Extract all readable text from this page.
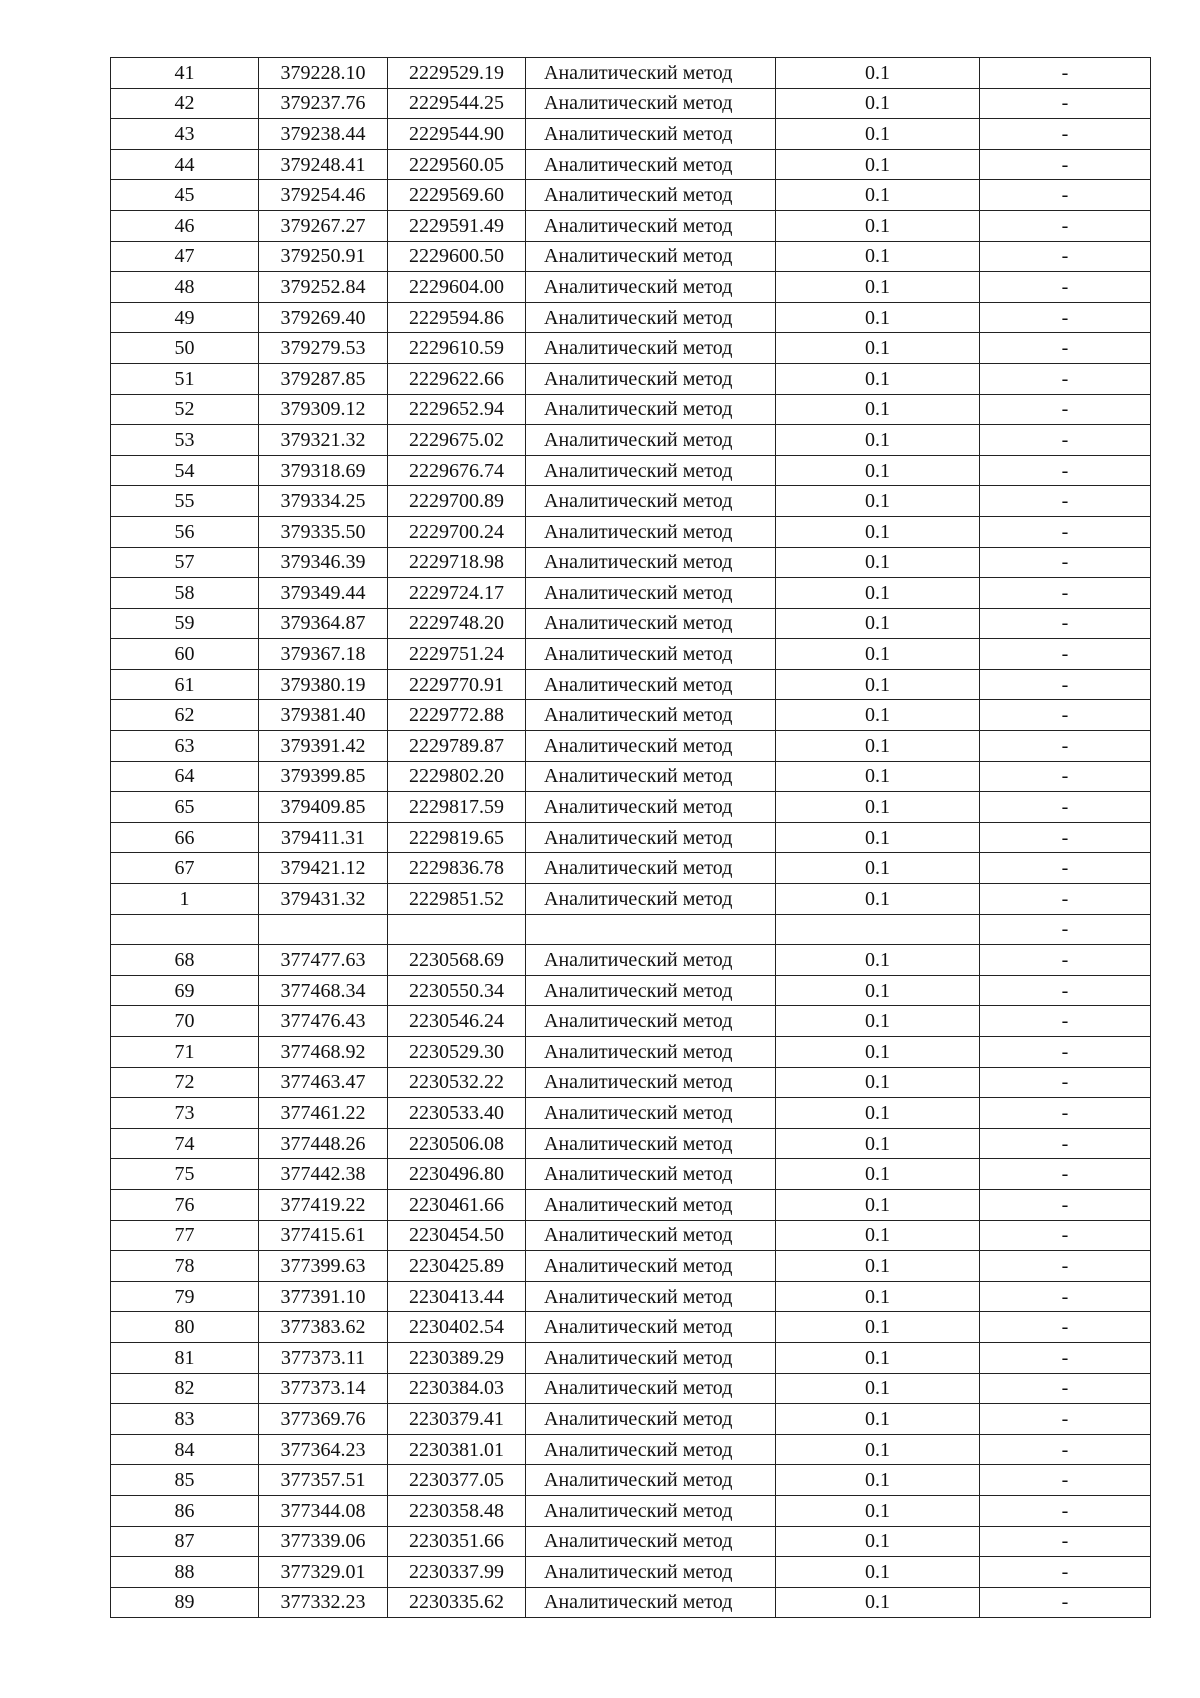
41	379228.10	2229529.19	Аналитический метод	0.1	-
42	379237.76	2229544.25	Аналитический метод	0.1	-
43	379238.44	2229544.90	Аналитический метод	0.1	-
44	379248.41	2229560.05	Аналитический метод	0.1	-
45	379254.46	2229569.60	Аналитический метод	0.1	-
46	379267.27	2229591.49	Аналитический метод	0.1	-
47	379250.91	2229600.50	Аналитический метод	0.1	-
48	379252.84	2229604.00	Аналитический метод	0.1	-
49	379269.40	2229594.86	Аналитический метод	0.1	-
50	379279.53	2229610.59	Аналитический метод	0.1	-
51	379287.85	2229622.66	Аналитический метод	0.1	-
52	379309.12	2229652.94	Аналитический метод	0.1	-
53	379321.32	2229675.02	Аналитический метод	0.1	-
54	379318.69	2229676.74	Аналитический метод	0.1	-
55	379334.25	2229700.89	Аналитический метод	0.1	-
56	379335.50	2229700.24	Аналитический метод	0.1	-
57	379346.39	2229718.98	Аналитический метод	0.1	-
58	379349.44	2229724.17	Аналитический метод	0.1	-
59	379364.87	2229748.20	Аналитический метод	0.1	-
60	379367.18	2229751.24	Аналитический метод	0.1	-
61	379380.19	2229770.91	Аналитический метод	0.1	-
62	379381.40	2229772.88	Аналитический метод	0.1	-
63	379391.42	2229789.87	Аналитический метод	0.1	-
64	379399.85	2229802.20	Аналитический метод	0.1	-
65	379409.85	2229817.59	Аналитический метод	0.1	-
66	379411.31	2229819.65	Аналитический метод	0.1	-
67	379421.12	2229836.78	Аналитический метод	0.1	-
1	379431.32	2229851.52	Аналитический метод	0.1	-
					-
68	377477.63	2230568.69	Аналитический метод	0.1	-
69	377468.34	2230550.34	Аналитический метод	0.1	-
70	377476.43	2230546.24	Аналитический метод	0.1	-
71	377468.92	2230529.30	Аналитический метод	0.1	-
72	377463.47	2230532.22	Аналитический метод	0.1	-
73	377461.22	2230533.40	Аналитический метод	0.1	-
74	377448.26	2230506.08	Аналитический метод	0.1	-
75	377442.38	2230496.80	Аналитический метод	0.1	-
76	377419.22	2230461.66	Аналитический метод	0.1	-
77	377415.61	2230454.50	Аналитический метод	0.1	-
78	377399.63	2230425.89	Аналитический метод	0.1	-
79	377391.10	2230413.44	Аналитический метод	0.1	-
80	377383.62	2230402.54	Аналитический метод	0.1	-
81	377373.11	2230389.29	Аналитический метод	0.1	-
82	377373.14	2230384.03	Аналитический метод	0.1	-
83	377369.76	2230379.41	Аналитический метод	0.1	-
84	377364.23	2230381.01	Аналитический метод	0.1	-
85	377357.51	2230377.05	Аналитический метод	0.1	-
86	377344.08	2230358.48	Аналитический метод	0.1	-
87	377339.06	2230351.66	Аналитический метод	0.1	-
88	377329.01	2230337.99	Аналитический метод	0.1	-
89	377332.23	2230335.62	Аналитический метод	0.1	-
